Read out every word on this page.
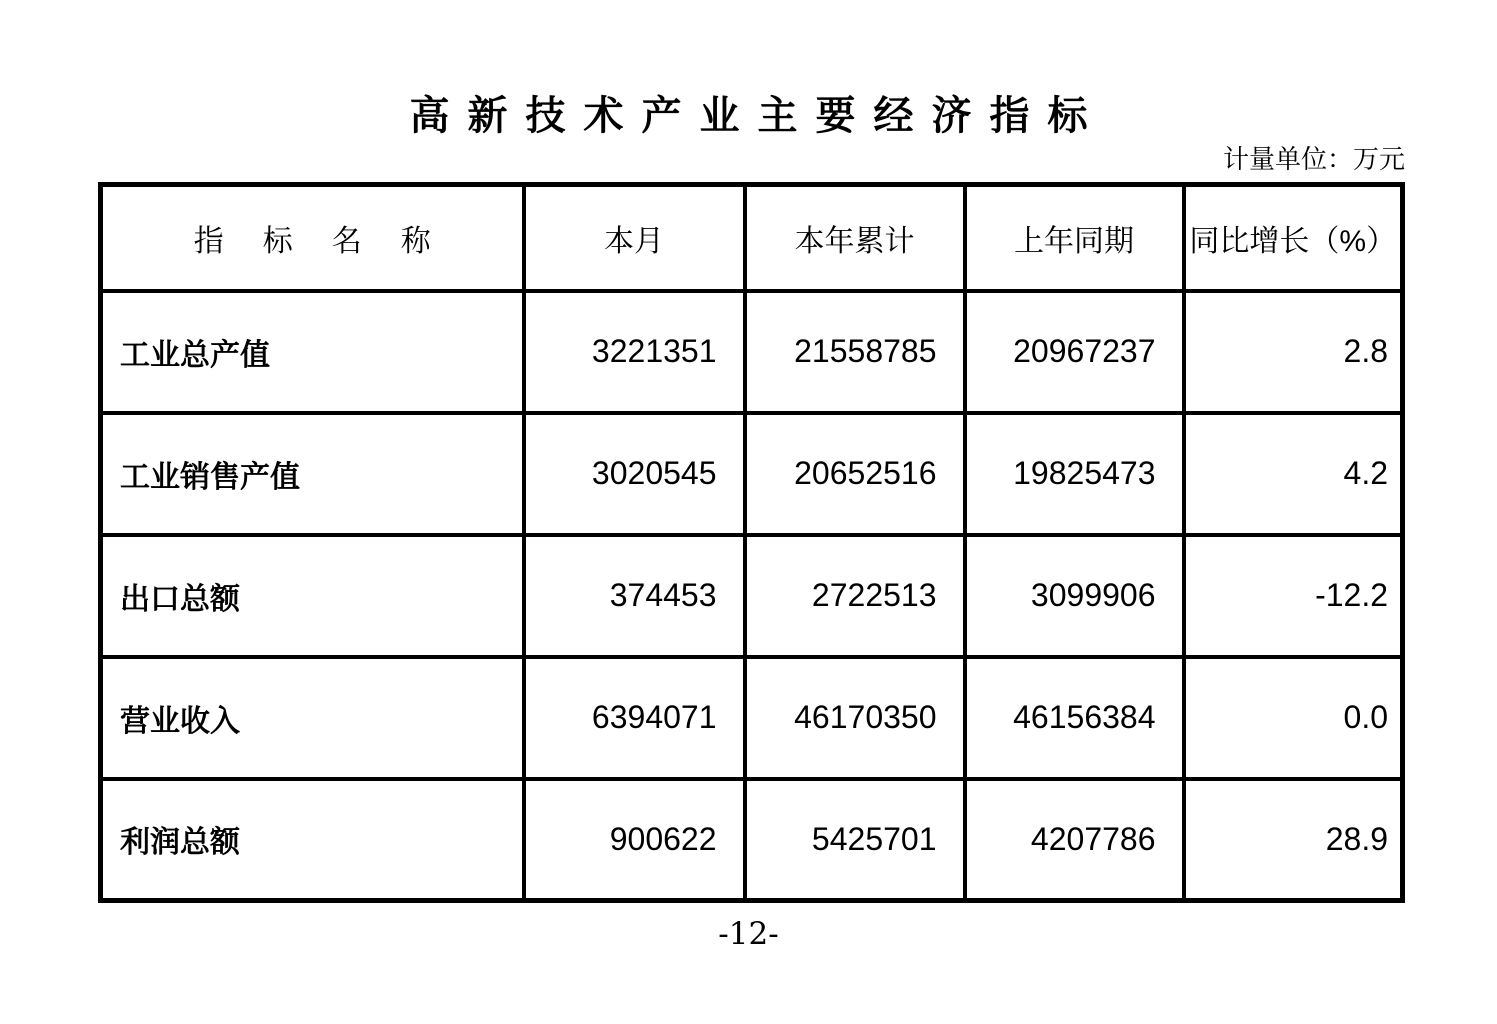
高新技术产业主要经济指标
计量单位：万元
指标名称	本月	本年累计	上年同期	同比增长（%）
工业总产值	3221351	21558785	20967237	2.8
工业销售产值	3020545	20652516	19825473	4.2
出口总额	374453	2722513	3099906	-12.2
营业收入	6394071	46170350	46156384	0.0
利润总额	900622	5425701	4207786	28.9
-12-
